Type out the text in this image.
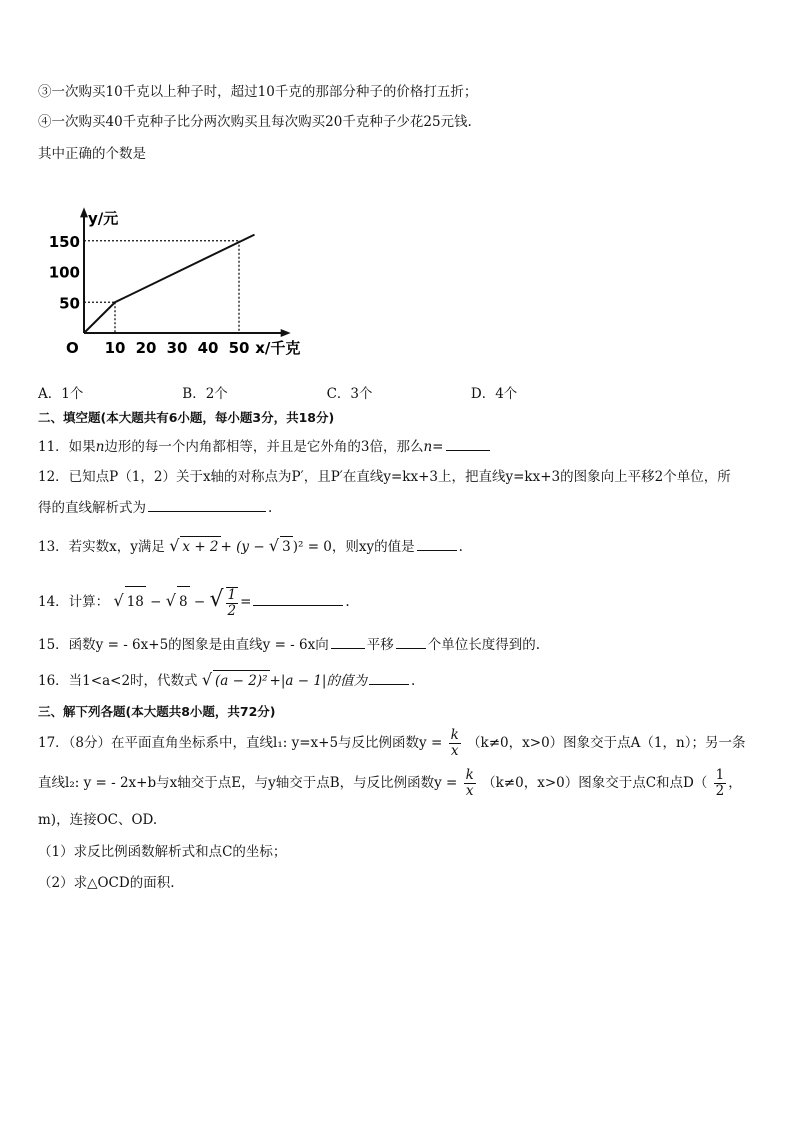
③一次购买10千克以上种子时，超过10千克的那部分种子的价格打五折；
④一次购买40千克种子比分两次购买且每次购买20千克种子少花25元钱.
其中正确的个数是
y/元
x/千克
O 10 20 30 40 50
50
100
150
A．1个	B．2个	C．3个	D．4个
二、填空题(本大题共有6小题，每小题3分，共18分)
11．如果n边形的每一个内角都相等，并且是它外角的3倍，那么n=
12．已知点P（1，2）关于x轴的对称点为P′，且P′在直线y=kx+3上，把直线y=kx+3的图象向上平移2个单位，所
得的直线解析式为	.
13．若实数x，y满足 √ x + 2 + (y − √ 3 )² = 0，则xy的值是	.
14．计算： √ 18 − √ 8 − √ $\frac{1}{2}$ =	.
15．函数y = - 6x+5的图象是由直线y = - 6x向	平移	个单位长度得到的.
16．当1<a<2时，代数式 √ (a − 2)² +|a − 1|的值为	.
三、解下列各题(本大题共8小题，共72分)
17．（8分）在平面直角坐标系中，直线l₁: y=x+5与反比例函数$y = \frac{k}{x} (k\ne 0$，x>0）图象交于点A（1，n）；另一条
直线l₂: y = - 2x+b与x轴交于点E，与y轴交于点B，与反比例函数$y = \frac{k}{x} (k\ne 0$，x>0）图象交于点C和点$D( \frac{1}{2}$ ，
m)，连接OC、OD.
（1）求反比例函数解析式和点C的坐标；
（2）求△OCD的面积.
